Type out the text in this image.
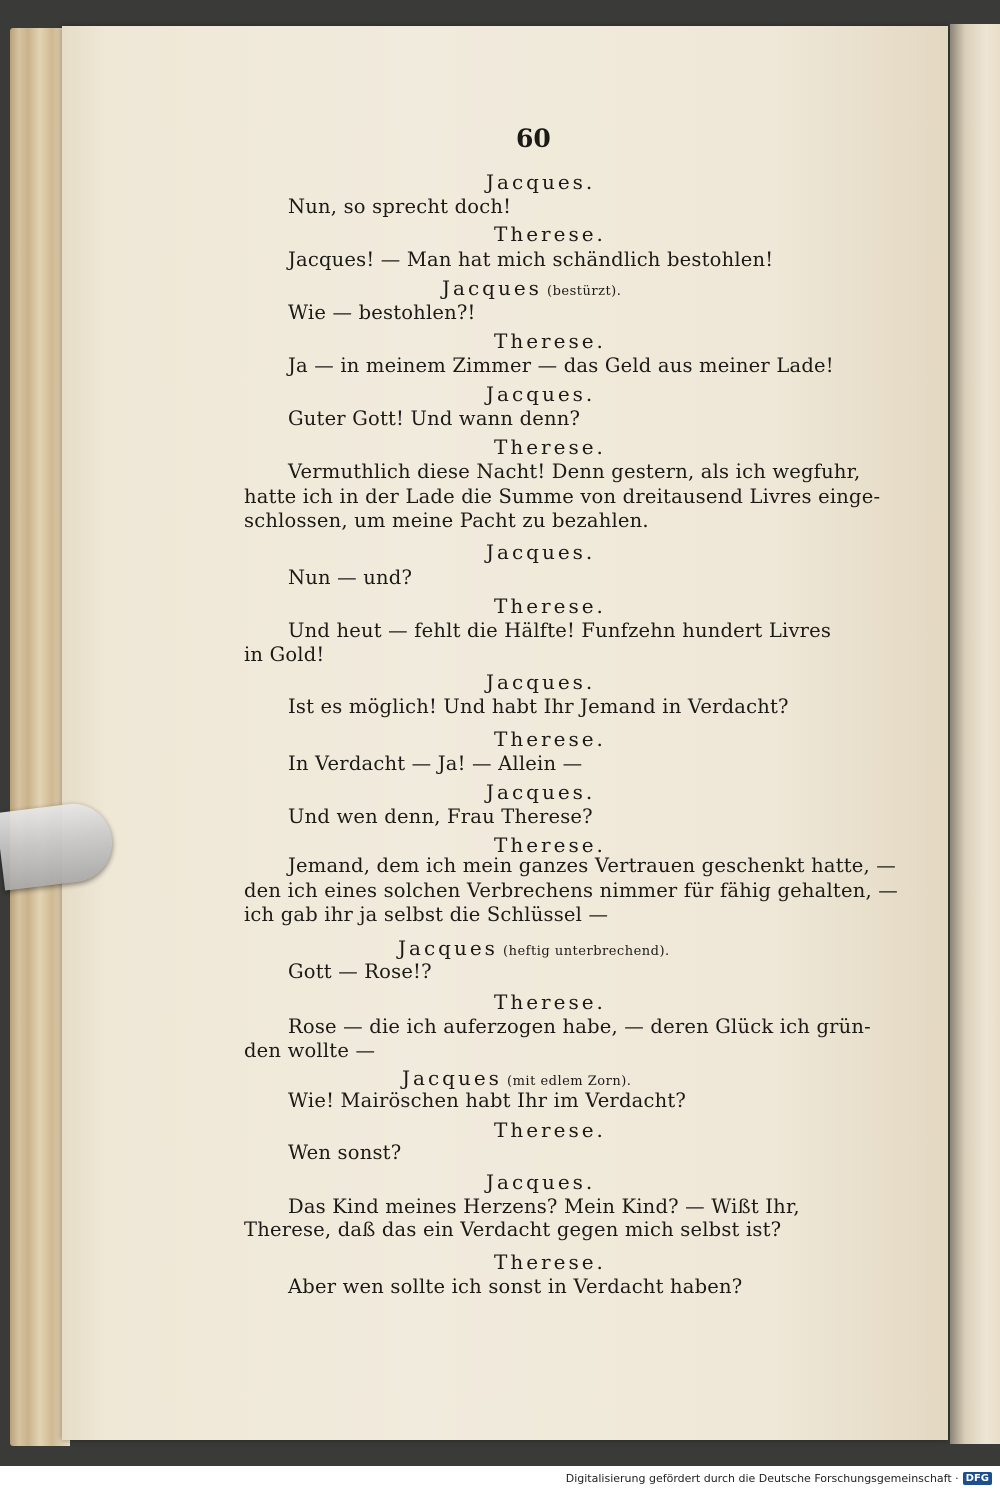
60
Jacques.
Nun, so sprecht doch!
Therese.
Jacques! — Man hat mich schändlich bestohlen!
Jacques (bestürzt).
Wie — bestohlen?!
Therese.
Ja — in meinem Zimmer — das Geld aus meiner Lade!
Jacques.
Guter Gott! Und wann denn?
Therese.
Vermuthlich diese Nacht! Denn gestern, als ich wegfuhr,
hatte ich in der Lade die Summe von dreitausend Livres einge-
schlossen, um meine Pacht zu bezahlen.
Jacques.
Nun — und?
Therese.
Und heut — fehlt die Hälfte! Funfzehn hundert Livres
in Gold!
Jacques.
Ist es möglich! Und habt Ihr Jemand in Verdacht?
Therese.
In Verdacht — Ja! — Allein —
Jacques.
Und wen denn, Frau Therese?
Therese.
Jemand, dem ich mein ganzes Vertrauen geschenkt hatte, —
den ich eines solchen Verbrechens nimmer für fähig gehalten, —
ich gab ihr ja selbst die Schlüssel —
Jacques (heftig unterbrechend).
Gott — Rose!?
Therese.
Rose — die ich auferzogen habe, — deren Glück ich grün-
den wollte —
Jacques (mit edlem Zorn).
Wie! Mairöschen habt Ihr im Verdacht?
Therese.
Wen sonst?
Jacques.
Das Kind meines Herzens? Mein Kind? — Wißt Ihr,
Therese, daß das ein Verdacht gegen mich selbst ist?
Therese.
Aber wen sollte ich sonst in Verdacht haben?
Digitalisierung gefördert durch die Deutsche Forschungsgemeinschaft · DFG
